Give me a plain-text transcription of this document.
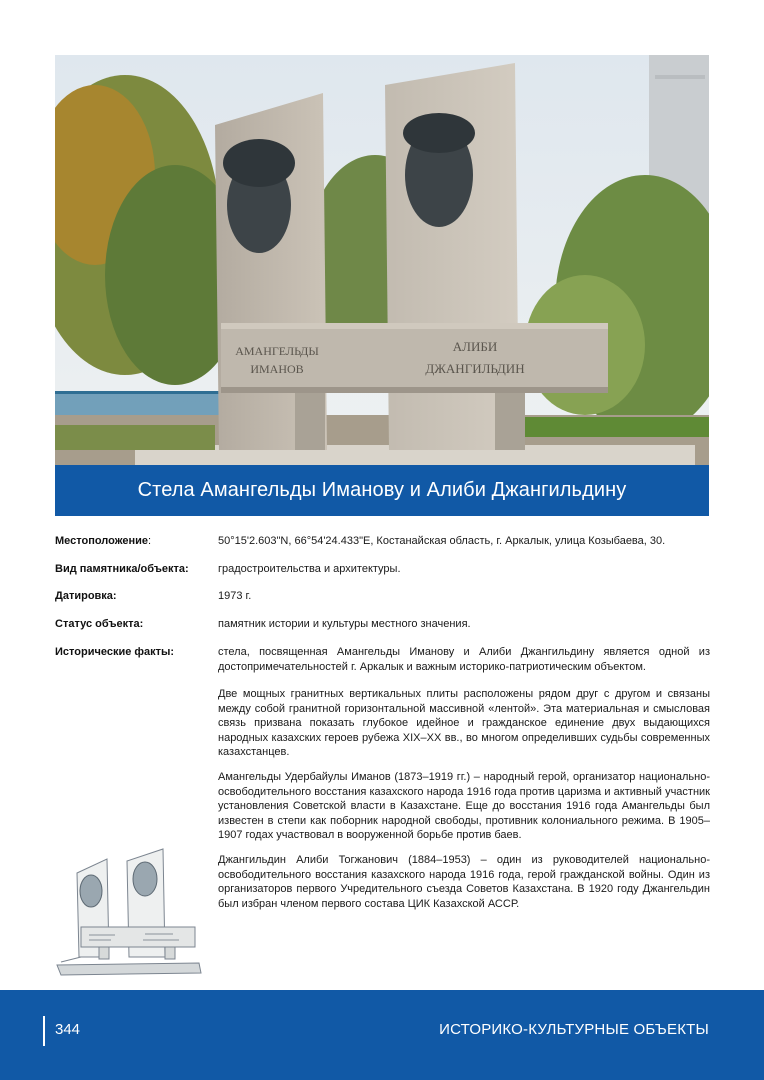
АМАНГЕЛЬДЫ
ИМАНОВ
АЛИБИ
ДЖАНГИЛЬДИН
Стела Амангельды Иманову и Алиби Джангильдину
Местоположение:	50°15'2.603"N, 66°54'24.433"E, Костанайская область, г. Аркалык, улица Козыбаева, 30.
Вид памятника/объекта:	градостроительства и архитектуры.
Датировка:	1973 г.
Статус объекта:	памятник истории и культуры местного значения.
Исторические факты:	стела, посвященная Амангельды Иманову и Алиби Джангильдину является одной из достопримечательностей г. Аркалык и важным историко-патриотическим объектом.

Две мощных гранитных вертикальных плиты расположены рядом друг с другом и связаны между собой гранитной горизонтальной массивной «лентой». Эта материальная и смысловая связь призвана показать глубокое идейное и гражданское единение двух выдающихся народных казахских героев рубежа XIX–XX вв., во многом определивших судьбы современных казахстанцев.

Амангельды Удербайулы Иманов (1873–1919 гг.) – народный герой, организатор национально-освободительного восстания казахского народа 1916 года против царизма и активный участник установления Советской власти в Казахстане. Еще до восстания 1916 года Амангельды был известен в степи как поборник народной свободы, противник колониального режима. В 1905–1907 годах участвовал в вооруженной борьбе против баев.

Джангильдин Алиби Тогжанович (1884–1953) – один из руководителей национально-освободительного восстания казахского народа 1916 года, герой гражданской войны. Один из организаторов первого Учредительного съезда Советов Казахстана. В 1920 году Джангельдин был избран членом первого состава ЦИК Казахской АССР.

344	ИСТОРИКО-КУЛЬТУРНЫЕ ОБЪЕКТЫ
